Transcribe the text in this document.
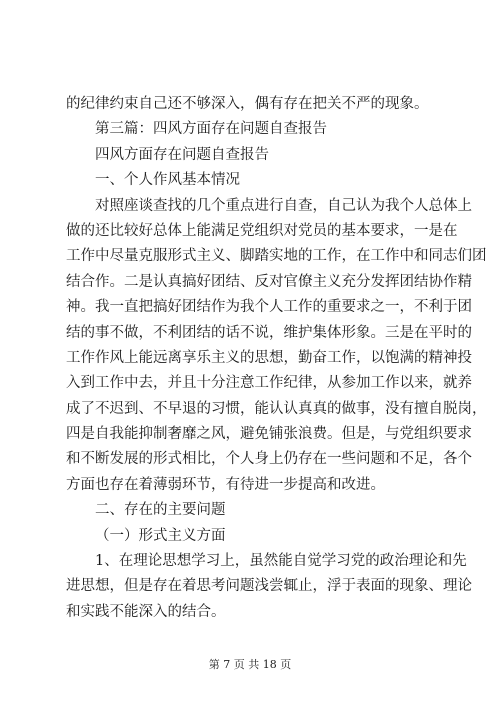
的纪律约束自己还不够深入，偶有存在把关不严的现象。
第三篇：四风方面存在问题自查报告
四风方面存在问题自查报告
一、个人作风基本情况
对照座谈查找的几个重点进行自查，自己认为我个人总体上
做的还比较好总体上能满足党组织对党员的基本要求，一是在
工作中尽量克服形式主义、脚踏实地的工作，在工作中和同志们团
结合作。二是认真搞好团结、反对官僚主义充分发挥团结协作精
神。我一直把搞好团结作为我个人工作的重要求之一，不利于团
结的事不做，不利团结的话不说，维护集体形象。三是在平时的
工作作风上能远离享乐主义的思想，勤奋工作，以饱满的精神投
入到工作中去，并且十分注意工作纪律，从参加工作以来，就养
成了不迟到、不早退的习惯，能认认真真的做事，没有擅自脱岗，
四是自我能抑制奢靡之风，避免铺张浪费。但是，与党组织要求
和不断发展的形式相比，个人身上仍存在一些问题和不足，各个
方面也存在着薄弱环节，有待进一步提高和改进。
二、存在的主要问题
（一）形式主义方面
1、在理论思想学习上，虽然能自觉学习党的政治理论和先
进思想，但是存在着思考问题浅尝辄止，浮于表面的现象、理论
和实践不能深入的结合。
第 7 页 共 18 页
